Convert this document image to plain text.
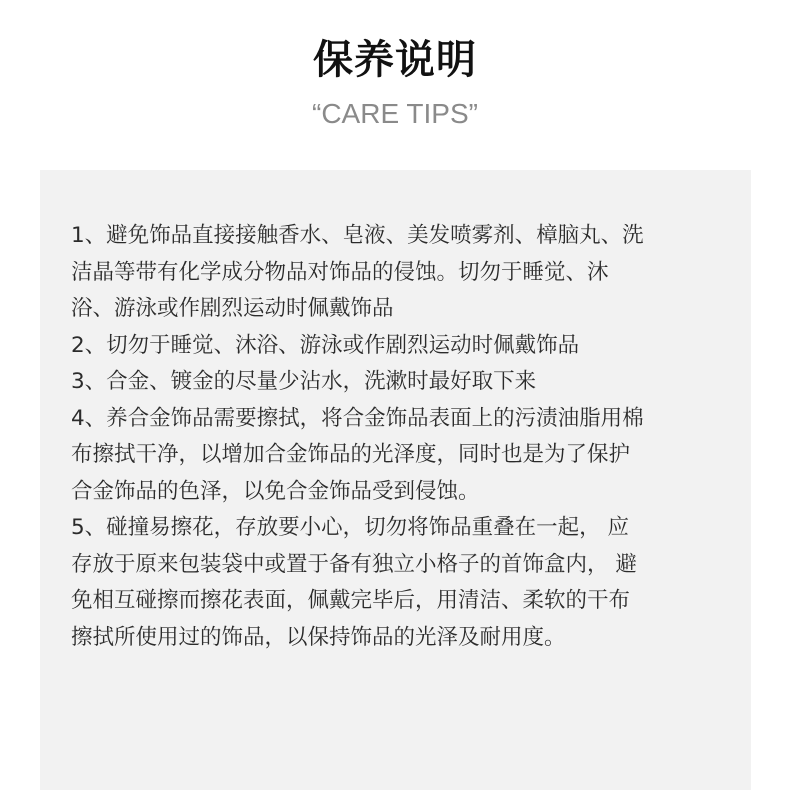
保养说明
“CARE TIPS”
1、避免饰品直接接触香水、皂液、美发喷雾剂、樟脑丸、洗
洁晶等带有化学成分物品对饰品的侵蚀。切勿于睡觉、沐
浴、游泳或作剧烈运动时佩戴饰品
2、切勿于睡觉、沐浴、游泳或作剧烈运动时佩戴饰品
3、合金、镀金的尽量少沾水，洗漱时最好取下来
4、养合金饰品需要擦拭，将合金饰品表面上的污渍油脂用棉
布擦拭干净，以增加合金饰品的光泽度，同时也是为了保护
合金饰品的色泽，以免合金饰品受到侵蚀。
5、碰撞易擦花，存放要小心，切勿将饰品重叠在一起， 应
存放于原来包装袋中或置于备有独立小格子的首饰盒内， 避
免相互碰擦而擦花表面，佩戴完毕后，用清洁、柔软的干布
擦拭所使用过的饰品，以保持饰品的光泽及耐用度。
